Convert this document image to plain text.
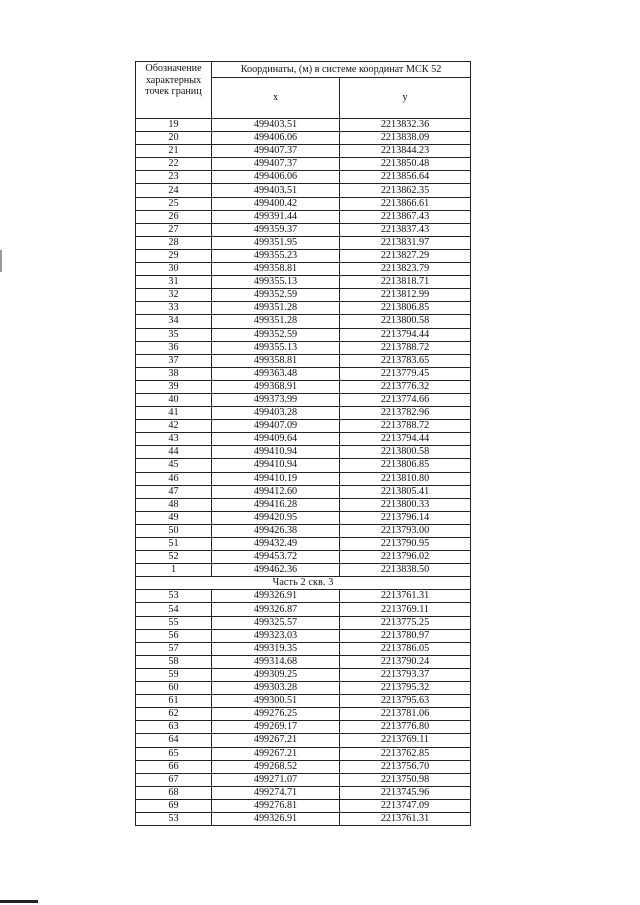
Обозначение характерных точек границ	Координаты, (м) в системе координат МСК 52	
	x	y
19	499403.51	2213832.36
20	499406.06	2213838.09
21	499407.37	2213844.23
22	499407.37	2213850.48
23	499406.06	2213856.64
24	499403.51	2213862.35
25	499400.42	2213866.61
26	499391.44	2213867.43
27	499359.37	2213837.43
28	499351.95	2213831.97
29	499355.23	2213827.29
30	499358.81	2213823.79
31	499355.13	2213818.71
32	499352.59	2213812.99
33	499351.28	2213806.85
34	499351.28	2213800.58
35	499352.59	2213794.44
36	499355.13	2213788.72
37	499358.81	2213783.65
38	499363.48	2213779.45
39	499368.91	2213776.32
40	499373.99	2213774.66
41	499403.28	2213782.96
42	499407.09	2213788.72
43	499409.64	2213794.44
44	499410.94	2213800.58
45	499410.94	2213806.85
46	499410.19	2213810.80
47	499412.60	2213805.41
48	499416.28	2213800.33
49	499420.95	2213796.14
50	499426.38	2213793.00
51	499432.49	2213790.95
52	499453.72	2213796.02
1	499462.36	2213838.50
Часть 2 скв. 3		
53	499326.91	2213761.31
54	499326.87	2213769.11
55	499325.57	2213775.25
56	499323.03	2213780.97
57	499319.35	2213786.05
58	499314.68	2213790.24
59	499309.25	2213793.37
60	499303.28	2213795.32
61	499300.51	2213795.63
62	499276.25	2213781.06
63	499269.17	2213776.80
64	499267.21	2213769.11
65	499267.21	2213762.85
66	499268.52	2213756.70
67	499271.07	2213750.98
68	499274.71	2213745.96
69	499276.81	2213747.09
53	499326.91	2213761.31
